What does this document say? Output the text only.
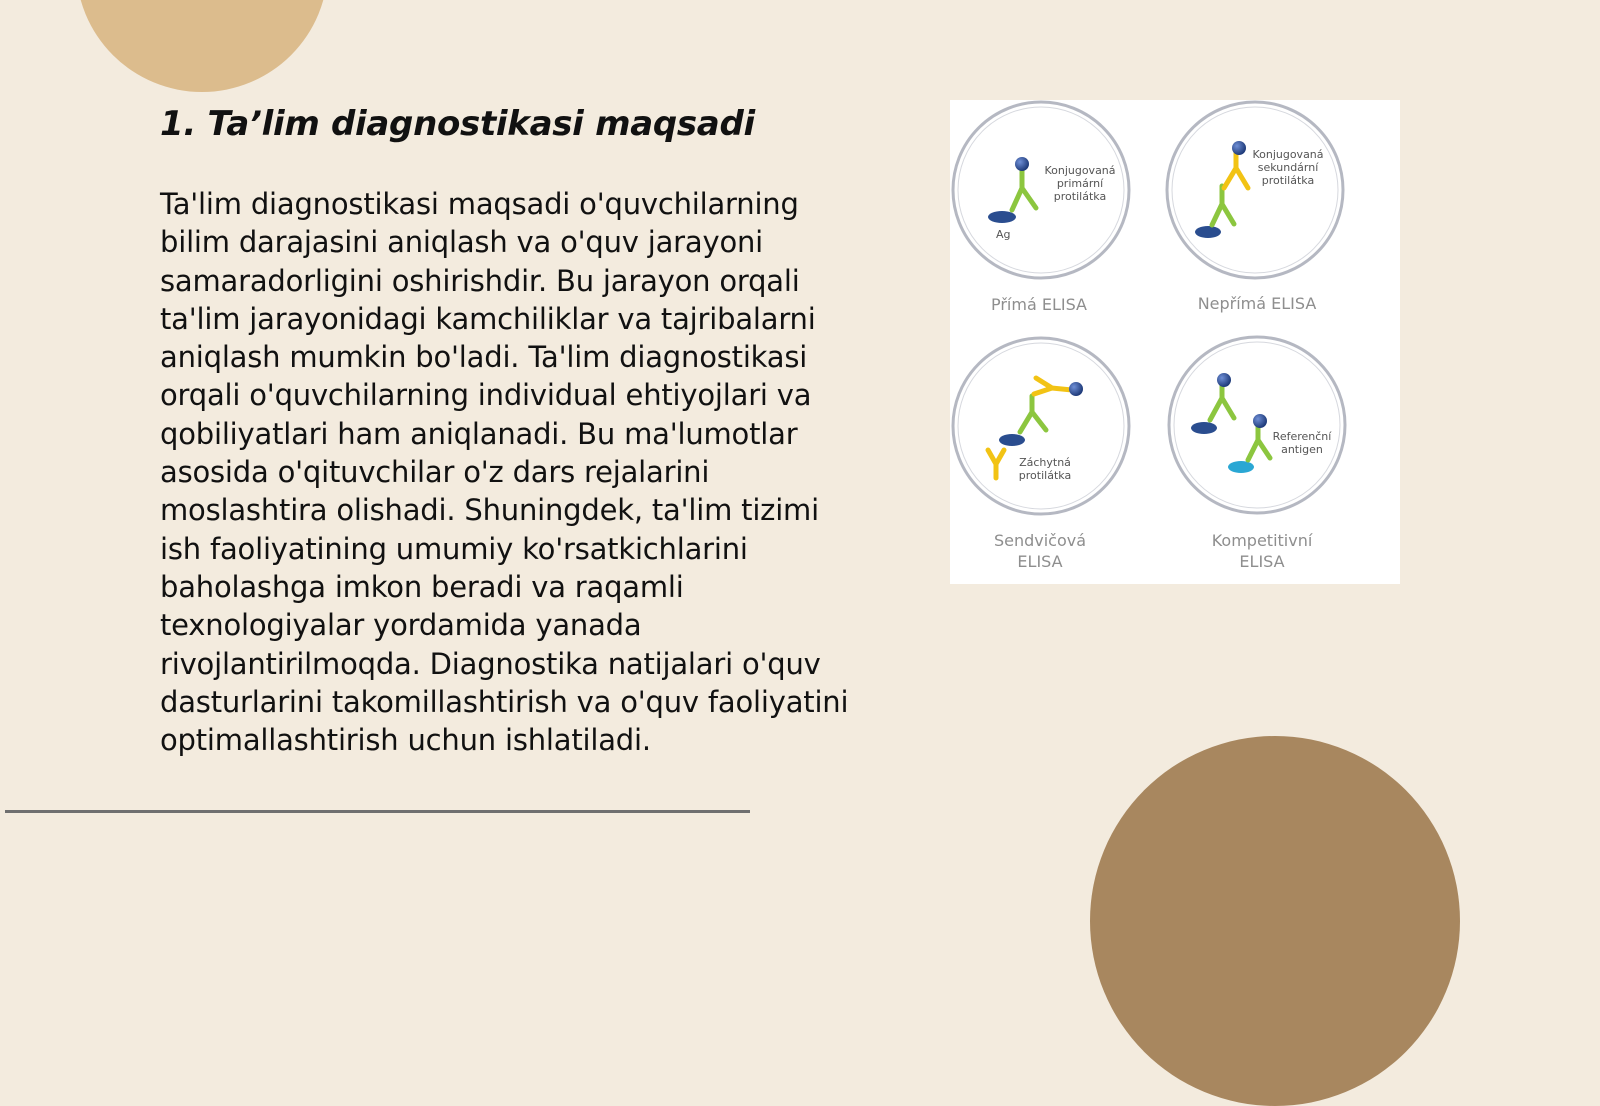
1. Ta’lim diagnostikasi maqsadi

Ta'lim diagnostikasi maqsadi o'quvchilarning bilim darajasini aniqlash va o'quv jarayoni samaradorligini oshirishdir. Bu jarayon orqali ta'lim jarayonidagi kamchiliklar va tajribalarni aniqlash mumkin bo'ladi. Ta'lim diagnostikasi orqali o'quvchilarning individual ehtiyojlari va qobiliyatlari ham aniqlanadi. Bu ma'lumotlar asosida o'qituvchilar o'z dars rejalarini moslashtira olishadi. Shuningdek, ta'lim tizimi ish faoliyatining umumiy ko'rsatkichlarini baholashga imkon beradi va raqamli texnologiyalar yordamida yanada rivojlantirilmoqda. Diagnostika natijalari o'quv dasturlarini takomillashtirish va o'quv faoliyatini optimallashtirish uchun ishlatiladi.

Konjugovaná
primární
protilátka
Ag
Přímá ELISA
Konjugovaná
sekundární
protilátka
Nepřímá ELISA
Záchytná
protilátka
Sendvičová
ELISA
Referenční
antigen
Kompetitivní
ELISA
